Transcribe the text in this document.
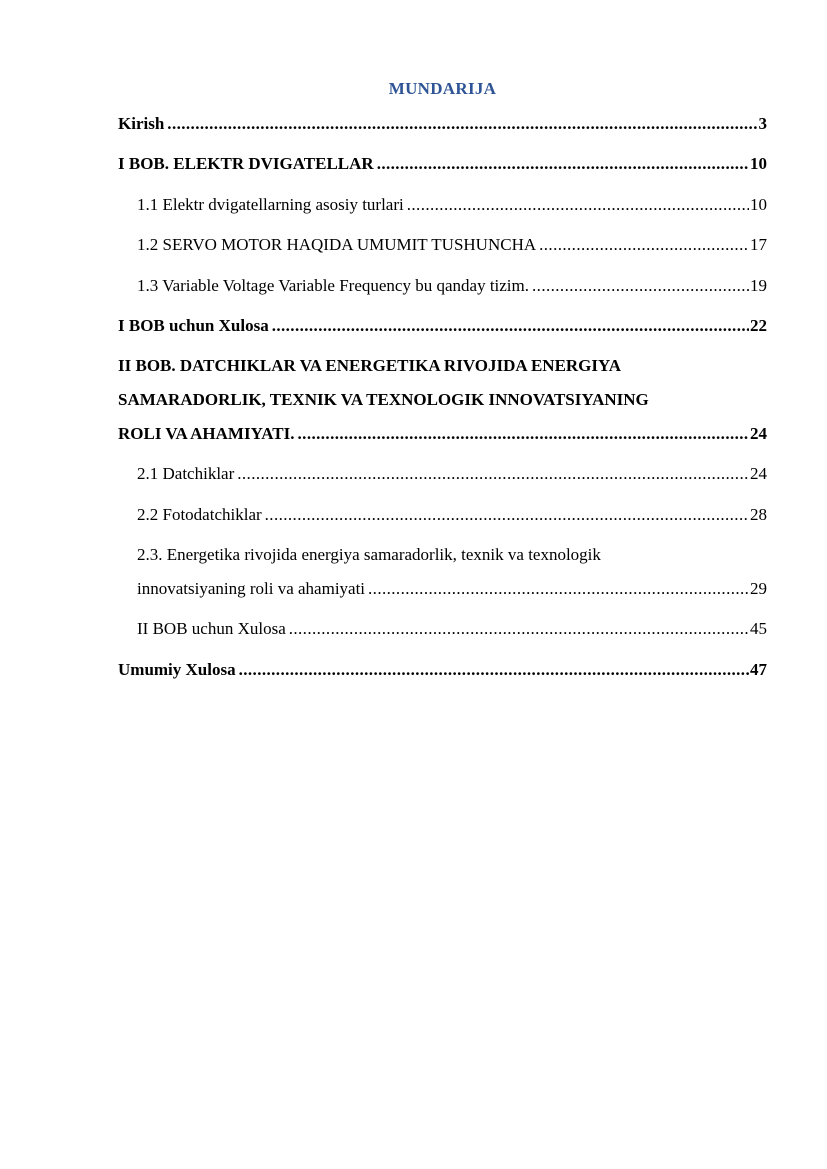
MUNDARIJA
Kirish .....	3
I BOB. ELEKTR DVIGATELLAR .....	10
1.1 Elektr dvigatellarning asosiy turlari .....	10
1.2 SERVO MOTOR HAQIDA UMUMIT TUSHUNCHA .....	17
1.3 Variable Voltage Variable Frequency bu qanday tizim. .....	19
I BOB uchun Xulosa .....	22
II BOB. DATCHIKLAR VA ENERGETIKA RIVOJIDA ENERGIYA
SAMARADORLIK, TEXNIK VA TEXNOLOGIK INNOVATSIYANING
ROLI VA AHAMIYATI. .....	24
2.1 Datchiklar .....	24
2.2 Fotodatchiklar .....	28
2.3. Energetika rivojida energiya samaradorlik, texnik va texnologik
innovatsiyaning roli va ahamiyati .....	29
II BOB uchun Xulosa .....	45
Umumiy Xulosa .....	47
